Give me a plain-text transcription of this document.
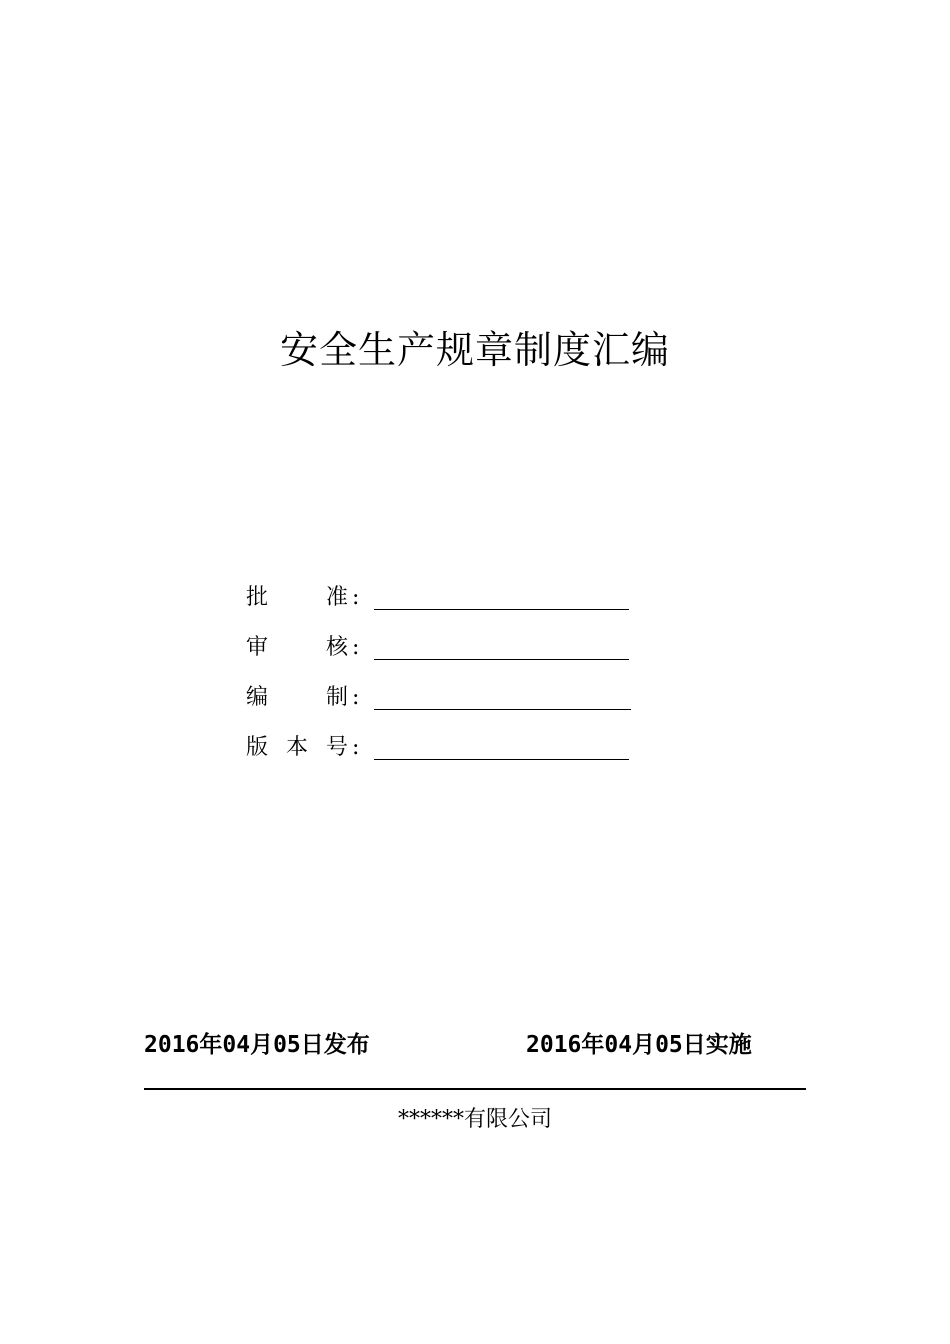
安全生产规章制度汇编
批	准 :
审	核 :
编	制 :
版 本 号 :
2016年04月05日发布	2016年04月05日实施
******有限公司
